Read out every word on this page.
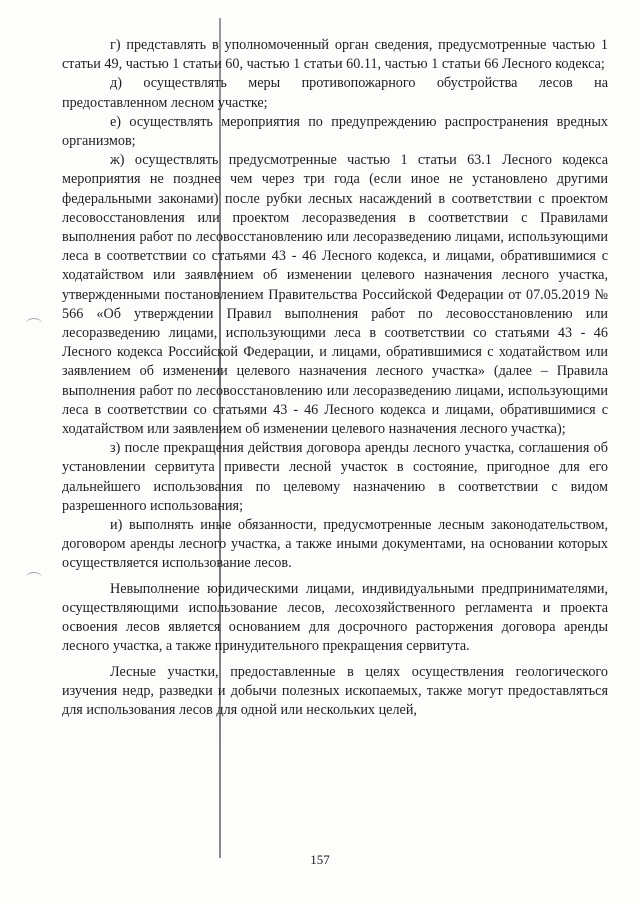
г) представлять в уполномоченный орган сведения, предусмотренные частью 1 статьи 49, частью 1 статьи 60, частью 1 статьи 60.11, частью 1 статьи 66 Лесного кодекса;

д) осуществлять меры противопожарного обустройства лесов на предоставленном лесном участке;

е) осуществлять мероприятия по предупреждению распространения вредных организмов;

ж) осуществлять предусмотренные частью 1 статьи 63.1 Лесного кодекса мероприятия не позднее чем через три года (если иное не установлено другими федеральными законами) после рубки лесных насаждений в соответствии с проектом лесовосстановления или проектом лесоразведения в соответствии с Правилами выполнения работ по лесовосстановлению или лесоразведению лицами, использующими леса в соответствии со статьями 43 - 46 Лесного кодекса, и лицами, обратившимися с ходатайством или заявлением об изменении целевого назначения лесного участка, утвержденными постановлением Правительства Российской Федерации от 07.05.2019 № 566 «Об утверждении Правил выполнения работ по лесовосстановлению или лесоразведению лицами, использующими леса в соответствии со статьями 43 - 46 Лесного кодекса Российской Федерации, и лицами, обратившимися с ходатайством или заявлением об изменении целевого назначения лесного участка» (далее – Правила выполнения работ по лесовосстановлению или лесоразведению лицами, использующими леса в соответствии со статьями 43 - 46 Лесного кодекса и лицами, обратившимися с ходатайством или заявлением об изменении целевого назначения лесного участка);

з) после прекращения действия договора аренды лесного участка, соглашения об установлении сервитута привести лесной участок в состояние, пригодное для его дальнейшего использования по целевому назначению в соответствии с видом разрешенного использования;

и) выполнять иные обязанности, предусмотренные лесным законодательством, договором аренды лесного участка, а также иными документами, на основании которых осуществляется использование лесов.

Невыполнение юридическими лицами, индивидуальными предпринимателями, осуществляющими использование лесов, лесохозяйственного регламента и проекта освоения лесов является основанием для досрочного расторжения договора аренды лесного участка, а также принудительного прекращения сервитута.

Лесные участки, предоставленные в целях осуществления геологического изучения недр, разведки и добычи полезных ископаемых, также могут предоставляться для использования лесов для одной или нескольких целей,

157
